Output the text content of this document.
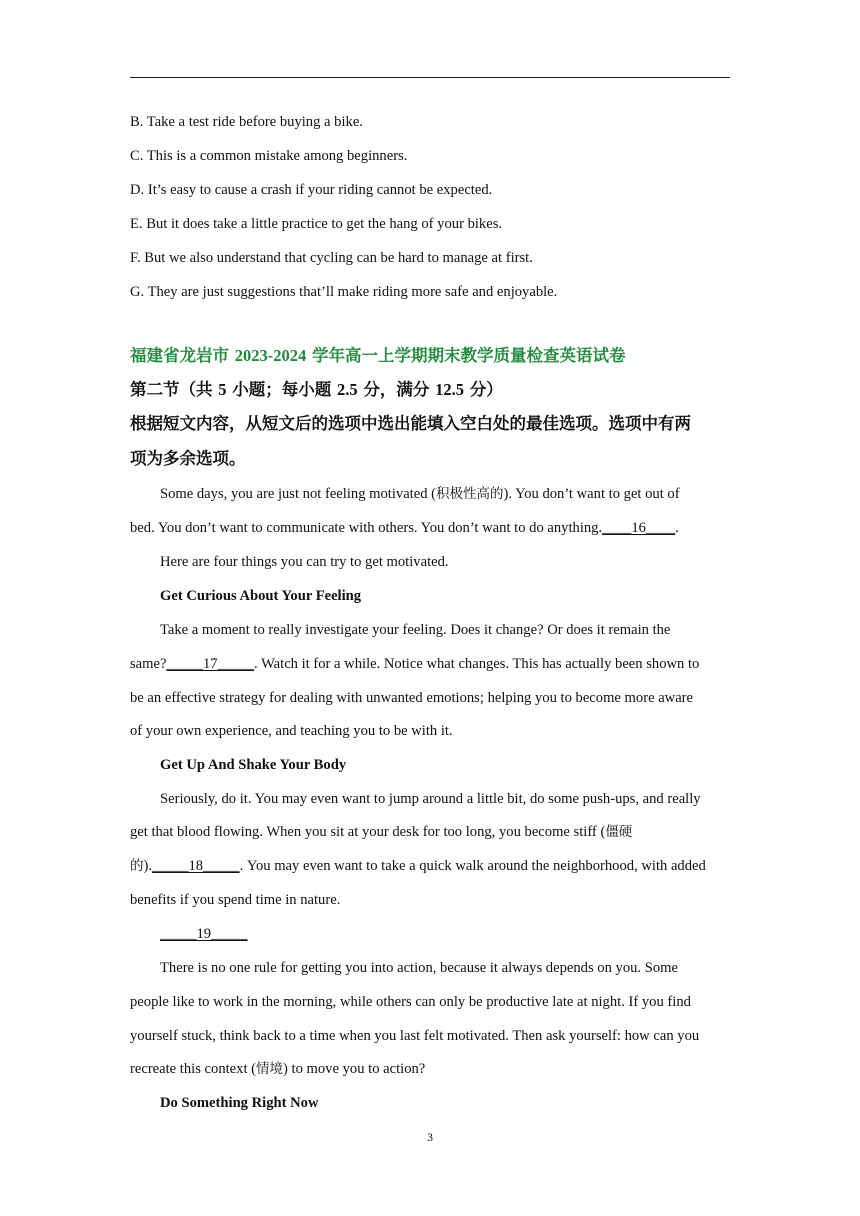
B. Take a test ride before buying a bike.
C. This is a common mistake among beginners.
D. It’s easy to cause a crash if your riding cannot be expected.
E. But it does take a little practice to get the hang of your bikes.
F. But we also understand that cycling can be hard to manage at first.
G. They are just suggestions that’ll make riding more safe and enjoyable.
福建省龙岩市 2023-2024 学年高一上学期期末教学质量检查英语试卷
第二节（共 5 小题；每小题 2.5 分，满分 12.5 分）
根据短文内容，从短文后的选项中选出能填入空白处的最佳选项。选项中有两
项为多余选项。
Some days, you are just not feeling motivated (积极性高的). You don’t want to get out of
bed. You don’t want to communicate with others. You don’t want to do anything.____16____.
Here are four things you can try to get motivated.
Get Curious About Your Feeling
Take a moment to really investigate your feeling. Does it change? Or does it remain the
same?_____17_____. Watch it for a while. Notice what changes. This has actually been shown to
be an effective strategy for dealing with unwanted emotions; helping you to become more aware
of your own experience, and teaching you to be with it.
Get Up And Shake Your Body
Seriously, do it. You may even want to jump around a little bit, do some push-ups, and really
get that blood flowing. When you sit at your desk for too long, you become stiff (僵硬
的)._____18_____. You may even want to take a quick walk around the neighborhood, with added
benefits if you spend time in nature.
_____19_____
There is no one rule for getting you into action, because it always depends on you. Some
people like to work in the morning, while others can only be productive late at night. If you find
yourself stuck, think back to a time when you last felt motivated. Then ask yourself: how can you
recreate this context (情境) to move you to action?
Do Something Right Now
3
